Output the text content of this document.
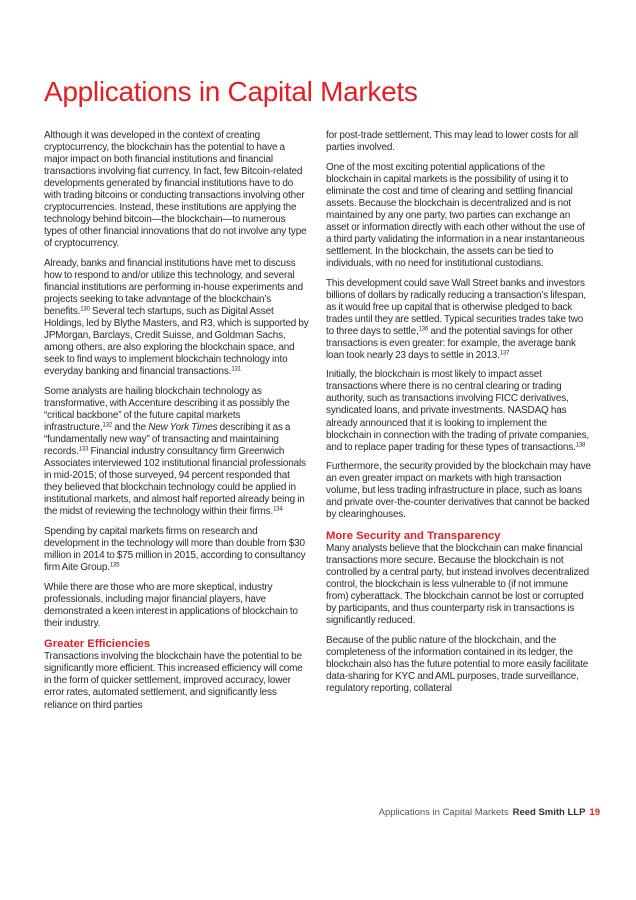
Applications in Capital Markets

Although it was developed in the context of creating cryptocurrency, the blockchain has the potential to have a major impact on both financial institutions and financial transactions involving fiat currency. In fact, few Bitcoin-related developments generated by financial institutions have to do with trading bitcoins or conducting transactions involving other cryptocurrencies. Instead, these institutions are applying the technology behind bitcoin—the blockchain—to numerous types of other financial innovations that do not involve any type of cryptocurrency.

Already, banks and financial institutions have met to discuss how to respond to and/or utilize this technology, and several financial institutions are performing in-house experiments and projects seeking to take advantage of the blockchain’s benefits.$^{130}$ Several tech startups, such as Digital Asset Holdings, led by Blythe Masters, and R3, which is supported by JPMorgan, Barclays, Credit Suisse, and Goldman Sachs, among others, are also exploring the blockchain space, and seek to find ways to implement blockchain technology into everyday banking and financial transactions.$^{131}$

Some analysts are hailing blockchain technology as transformative, with Accenture describing it as possibly the “critical backbone” of the future capital markets infrastructure,$^{132}$ and the New York Times describing it as a “fundamentally new way” of transacting and maintaining records.$^{133}$ Financial industry consultancy firm Greenwich Associates interviewed 102 institutional financial professionals in mid-2015; of those surveyed, 94 percent responded that they believed that blockchain technology could be applied in institutional markets, and almost half reported already being in the midst of reviewing the technology within their firms.$^{134}$

Spending by capital markets firms on research and development in the technology will more than double from $30 million in 2014 to $75 million in 2015, according to consultancy firm Aite Group.$^{135}$

While there are those who are more skeptical, industry professionals, including major financial players, have demonstrated a keen interest in applications of blockchain to their industry.

Greater Efficiencies

Transactions involving the blockchain have the potential to be significantly more efficient. This increased efficiency will come in the form of quicker settlement, improved accuracy, lower error rates, automated settlement, and significantly less reliance on third parties

for post-trade settlement. This may lead to lower costs for all parties involved.

One of the most exciting potential applications of the blockchain in capital markets is the possibility of using it to eliminate the cost and time of clearing and settling financial assets. Because the blockchain is decentralized and is not maintained by any one party, two parties can exchange an asset or information directly with each other without the use of a third party validating the information in a near instantaneous settlement. In the blockchain, the assets can be tied to individuals, with no need for institutional custodians.

This development could save Wall Street banks and investors billions of dollars by radically reducing a transaction’s lifespan, as it would free up capital that is otherwise pledged to back trades until they are settled. Typical securities trades take two to three days to settle,$^{136}$ and the potential savings for other transactions is even greater: for example, the average bank loan took nearly 23 days to settle in 2013.$^{137}$

Initially, the blockchain is most likely to impact asset transactions where there is no central clearing or trading authority, such as transactions involving FICC derivatives, syndicated loans, and private investments. NASDAQ has already announced that it is looking to implement the blockchain in connection with the trading of private companies, and to replace paper trading for these types of transactions.$^{138}$

Furthermore, the security provided by the blockchain may have an even greater impact on markets with high transaction volume, but less trading infrastructure in place, such as loans and private over-the-counter derivatives that cannot be backed by clearinghouses.

More Security and Transparency

Many analysts believe that the blockchain can make financial transactions more secure. Because the blockchain is not controlled by a central party, but instead involves decentralized control, the blockchain is less vulnerable to (if not immune from) cyberattack. The blockchain cannot be lost or corrupted by participants, and thus counterparty risk in transactions is significantly reduced.

Because of the public nature of the blockchain, and the completeness of the information contained in its ledger, the blockchain also has the future potential to more easily facilitate data-sharing for KYC and AML purposes, trade surveillance, regulatory reporting, collateral

Applications in Capital Markets Reed Smith LLP 19
